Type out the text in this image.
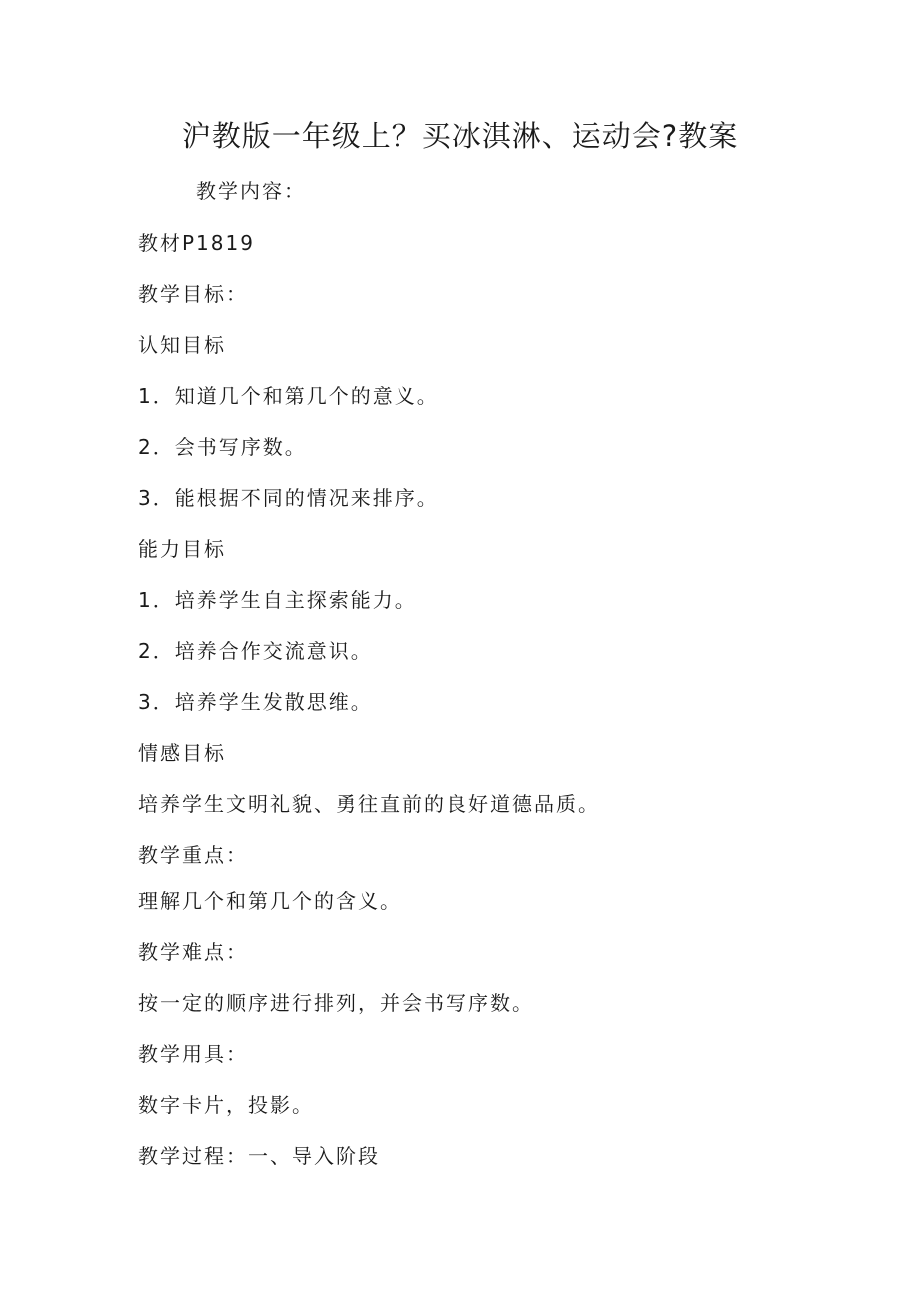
沪教版一年级上？买冰淇淋、运动会?教案
教学内容：
教材P1819
教学目标：
认知目标
1．知道几个和第几个的意义。
2．会书写序数。
3．能根据不同的情况来排序。
能力目标
1．培养学生自主探索能力。
2．培养合作交流意识。
3．培养学生发散思维。
情感目标
培养学生文明礼貌、勇往直前的良好道德品质。
教学重点：
理解几个和第几个的含义。
教学难点：
按一定的顺序进行排列，并会书写序数。
教学用具：
数字卡片，投影。
教学过程：一、导入阶段
